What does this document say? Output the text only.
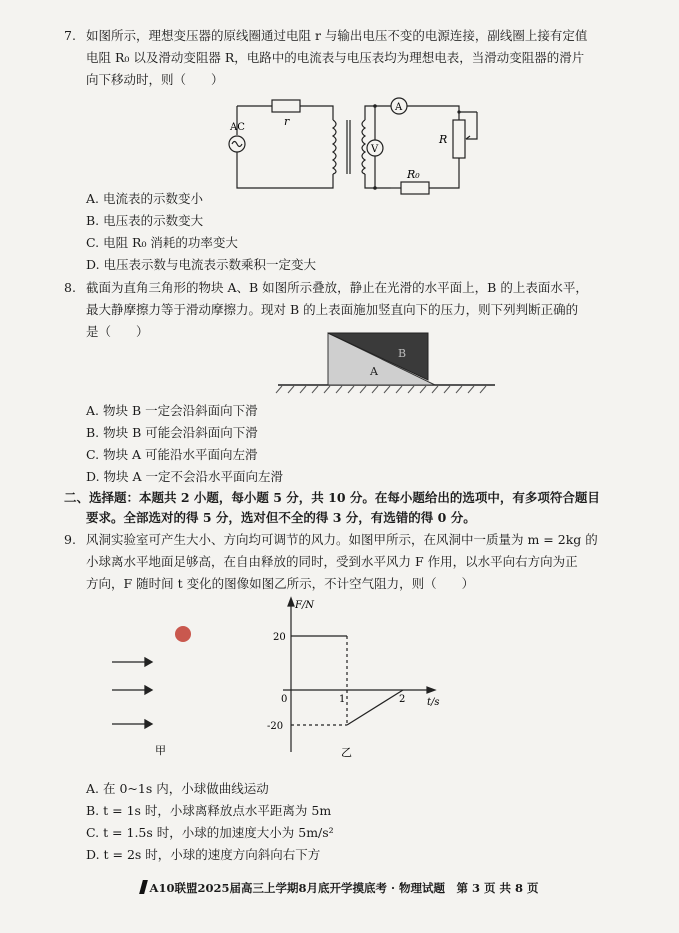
7. 如图所示，理想变压器的原线圈通过电阻 r 与输出电压不变的电源连接，副线圈上接有定值
电阻 R₀ 以及滑动变阻器 R，电路中的电流表与电压表均为理想电表，当滑动变阻器的滑片
向下移动时，则（　　）
r
AC
A
V
R
R₀
A. 电流表的示数变小
B. 电压表的示数变大
C. 电阻 R₀ 消耗的功率变大
D. 电压表示数与电流表示数乘积一定变大
8. 截面为直角三角形的物块 A、B 如图所示叠放，静止在光滑的水平面上，B 的上表面水平，
最大静摩擦力等于滑动摩擦力。现对 B 的上表面施加竖直向下的压力，则下列判断正确的
是（　　）
A
B
A. 物块 B 一定会沿斜面向下滑
B. 物块 B 可能会沿斜面向下滑
C. 物块 A 可能沿水平面向左滑
D. 物块 A 一定不会沿水平面向左滑
二、选择题：本题共 2 小题，每小题 5 分，共 10 分。在每小题给出的选项中，有多项符合题目
要求。全部选对的得 5 分，选对但不全的得 3 分，有选错的得 0 分。
9. 风洞实验室可产生大小、方向均可调节的风力。如图甲所示，在风洞中一质量为 m = 2kg 的
小球离水平地面足够高，在自由释放的同时，受到水平风力 F 作用，以水平向右方向为正
方向，F 随时间 t 变化的图像如图乙所示，不计空气阻力，则（　　）
甲
F/N
t/s
20
-20
0	1	2
乙
A. 在 0~1s 内，小球做曲线运动
B. t = 1s 时，小球离释放点水平距离为 5m
C. t = 1.5s 时，小球的加速度大小为 5m/s²
D. t = 2s 时，小球的速度方向斜向右下方
A10联盟2025届高三上学期8月底开学摸底考 · 物理试题　第 3 页 共 8 页
